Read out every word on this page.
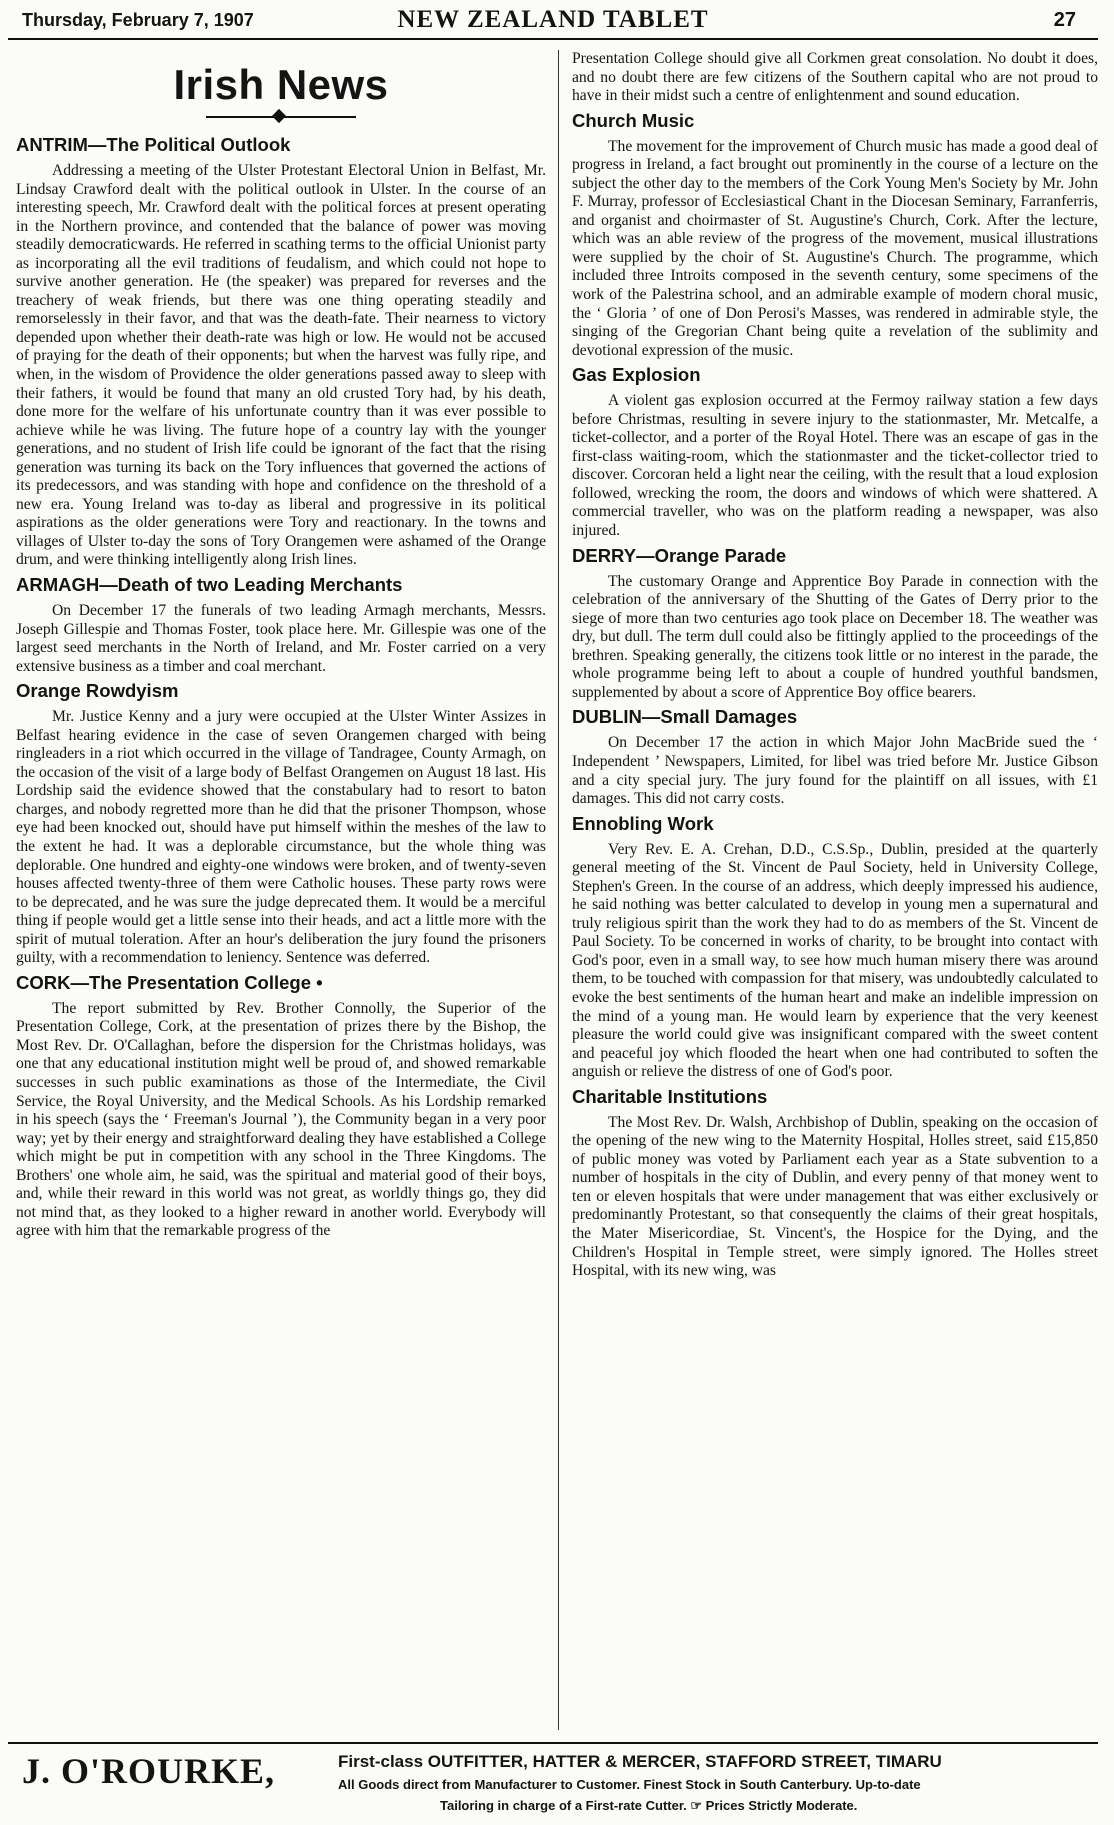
Thursday, February 7, 1907	NEW ZEALAND TABLET	27
Irish News
ANTRIM—The Political Outlook

Addressing a meeting of the Ulster Protestant Electoral Union in Belfast, Mr. Lindsay Crawford dealt with the political outlook in Ulster. In the course of an interesting speech, Mr. Crawford dealt with the political forces at present operating in the Northern province, and contended that the balance of power was moving steadily democraticwards. He referred in scathing terms to the official Unionist party as incorporating all the evil traditions of feudalism, and which could not hope to survive another generation. He (the speaker) was prepared for reverses and the treachery of weak friends, but there was one thing operating steadily and remorselessly in their favor, and that was the death-fate. Their nearness to victory depended upon whether their death-rate was high or low. He would not be accused of praying for the death of their opponents; but when the harvest was fully ripe, and when, in the wisdom of Providence the older generations passed away to sleep with their fathers, it would be found that many an old crusted Tory had, by his death, done more for the welfare of his unfortunate country than it was ever possible to achieve while he was living. The future hope of a country lay with the younger generations, and no student of Irish life could be ignorant of the fact that the rising generation was turning its back on the Tory influences that governed the actions of its predecessors, and was standing with hope and confidence on the threshold of a new era. Young Ireland was to-day as liberal and progressive in its political aspirations as the older generations were Tory and reactionary. In the towns and villages of Ulster to-day the sons of Tory Orangemen were ashamed of the Orange drum, and were thinking intelligently along Irish lines.

ARMAGH—Death of two Leading Merchants

On December 17 the funerals of two leading Armagh merchants, Messrs. Joseph Gillespie and Thomas Foster, took place here. Mr. Gillespie was one of the largest seed merchants in the North of Ireland, and Mr. Foster carried on a very extensive business as a timber and coal merchant.

Orange Rowdyism

Mr. Justice Kenny and a jury were occupied at the Ulster Winter Assizes in Belfast hearing evidence in the case of seven Orangemen charged with being ringleaders in a riot which occurred in the village of Tandragee, County Armagh, on the occasion of the visit of a large body of Belfast Orangemen on August 18 last. His Lordship said the evidence showed that the constabulary had to resort to baton charges, and nobody regretted more than he did that the prisoner Thompson, whose eye had been knocked out, should have put himself within the meshes of the law to the extent he had. It was a deplorable circumstance, but the whole thing was deplorable. One hundred and eighty-one windows were broken, and of twenty-seven houses affected twenty-three of them were Catholic houses. These party rows were to be deprecated, and he was sure the judge deprecated them. It would be a merciful thing if people would get a little sense into their heads, and act a little more with the spirit of mutual toleration. After an hour's deliberation the jury found the prisoners guilty, with a recommendation to leniency. Sentence was deferred.

CORK—The Presentation College •

The report submitted by Rev. Brother Connolly, the Superior of the Presentation College, Cork, at the presentation of prizes there by the Bishop, the Most Rev. Dr. O'Callaghan, before the dispersion for the Christmas holidays, was one that any educational institution might well be proud of, and showed remarkable successes in such public examinations as those of the Intermediate, the Civil Service, the Royal University, and the Medical Schools. As his Lordship remarked in his speech (says the ‘ Freeman's Journal ’), the Community began in a very poor way; yet by their energy and straightforward dealing they have established a College which might be put in competition with any school in the Three Kingdoms. The Brothers' one whole aim, he said, was the spiritual and material good of their boys, and, while their reward in this world was not great, as worldly things go, they did not mind that, as they looked to a higher reward in another world. Everybody will agree with him that the remarkable progress of the

Presentation College should give all Corkmen great consolation. No doubt it does, and no doubt there are few citizens of the Southern capital who are not proud to have in their midst such a centre of enlightenment and sound education.

Church Music

The movement for the improvement of Church music has made a good deal of progress in Ireland, a fact brought out prominently in the course of a lecture on the subject the other day to the members of the Cork Young Men's Society by Mr. John F. Murray, professor of Ecclesiastical Chant in the Diocesan Seminary, Farranferris, and organist and choirmaster of St. Augustine's Church, Cork. After the lecture, which was an able review of the progress of the movement, musical illustrations were supplied by the choir of St. Augustine's Church. The programme, which included three Introits composed in the seventh century, some specimens of the work of the Palestrina school, and an admirable example of modern choral music, the ‘ Gloria ’ of one of Don Perosi's Masses, was rendered in admirable style, the singing of the Gregorian Chant being quite a revelation of the sublimity and devotional expression of the music.

Gas Explosion

A violent gas explosion occurred at the Fermoy railway station a few days before Christmas, resulting in severe injury to the stationmaster, Mr. Metcalfe, a ticket-collector, and a porter of the Royal Hotel. There was an escape of gas in the first-class waiting-room, which the stationmaster and the ticket-collector tried to discover. Corcoran held a light near the ceiling, with the result that a loud explosion followed, wrecking the room, the doors and windows of which were shattered. A commercial traveller, who was on the platform reading a newspaper, was also injured.

DERRY—Orange Parade

The customary Orange and Apprentice Boy Parade in connection with the celebration of the anniversary of the Shutting of the Gates of Derry prior to the siege of more than two centuries ago took place on December 18. The weather was dry, but dull. The term dull could also be fittingly applied to the proceedings of the brethren. Speaking generally, the citizens took little or no interest in the parade, the whole programme being left to about a couple of hundred youthful bandsmen, supplemented by about a score of Apprentice Boy office bearers.

DUBLIN—Small Damages

On December 17 the action in which Major John MacBride sued the ‘ Independent ’ Newspapers, Limited, for libel was tried before Mr. Justice Gibson and a city special jury. The jury found for the plaintiff on all issues, with £1 damages. This did not carry costs.

Ennobling Work

Very Rev. E. A. Crehan, D.D., C.S.Sp., Dublin, presided at the quarterly general meeting of the St. Vincent de Paul Society, held in University College, Stephen's Green. In the course of an address, which deeply impressed his audience, he said nothing was better calculated to develop in young men a supernatural and truly religious spirit than the work they had to do as members of the St. Vincent de Paul Society. To be concerned in works of charity, to be brought into contact with God's poor, even in a small way, to see how much human misery there was around them, to be touched with compassion for that misery, was undoubtedly calculated to evoke the best sentiments of the human heart and make an indelible impression on the mind of a young man. He would learn by experience that the very keenest pleasure the world could give was insignificant compared with the sweet content and peaceful joy which flooded the heart when one had contributed to soften the anguish or relieve the distress of one of God's poor.

Charitable Institutions

The Most Rev. Dr. Walsh, Archbishop of Dublin, speaking on the occasion of the opening of the new wing to the Maternity Hospital, Holles street, said £15,850 of public money was voted by Parliament each year as a State subvention to a number of hospitals in the city of Dublin, and every penny of that money went to ten or eleven hospitals that were under management that was either exclusively or predominantly Protestant, so that consequently the claims of their great hospitals, the Mater Misericordiae, St. Vincent's, the Hospice for the Dying, and the Children's Hospital in Temple street, were simply ignored. The Holles street Hospital, with its new wing, was

J. O'ROURKE,	First-class OUTFITTER, HATTER & MERCER, STAFFORD STREET, TIMARU
All Goods direct from Manufacturer to Customer. Finest Stock in South Canterbury. Up-to-date
Tailoring in charge of a First-rate Cutter. ☞ Prices Strictly Moderate.
